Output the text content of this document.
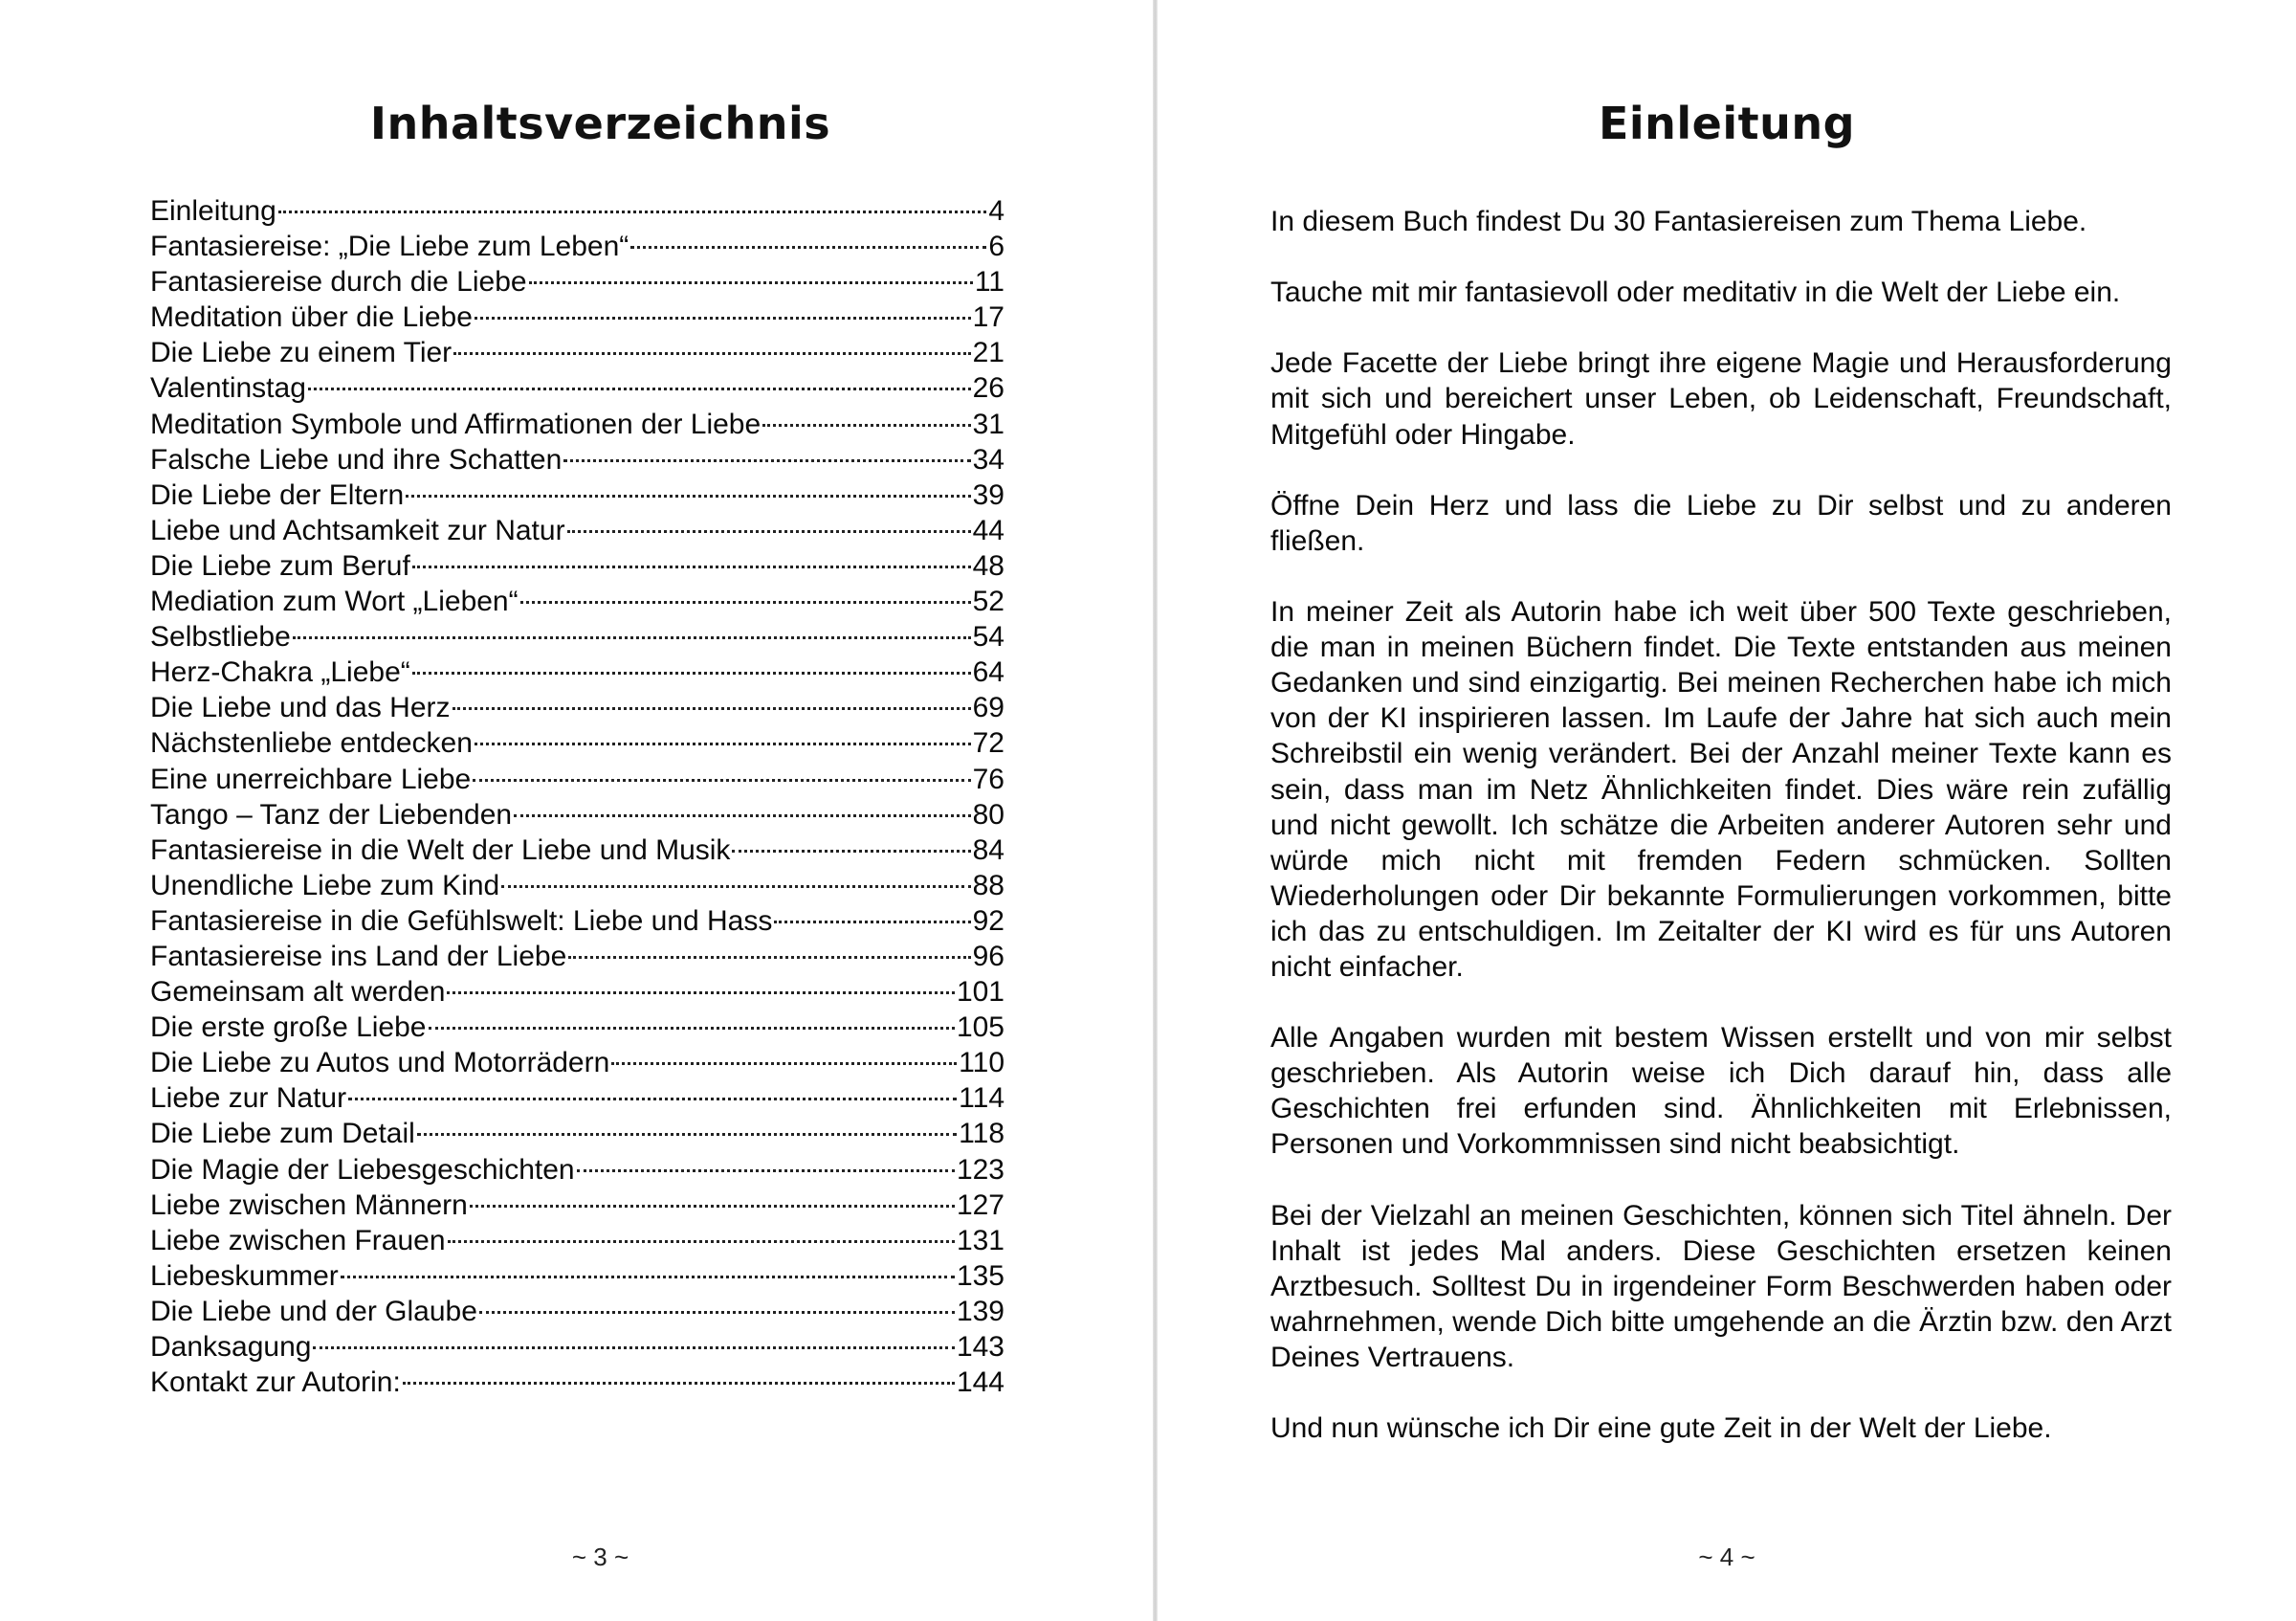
Inhaltsverzeichnis
Einleitung	4
Fantasiereise: „Die Liebe zum Leben“	6
Fantasiereise durch die Liebe	11
Meditation über die Liebe	17
Die Liebe zu einem Tier	21
Valentinstag	26
Meditation Symbole und Affirmationen der Liebe	31
Falsche Liebe und ihre Schatten	34
Die Liebe der Eltern	39
Liebe und Achtsamkeit zur Natur	44
Die Liebe zum Beruf	48
Mediation zum Wort „Lieben“	52
Selbstliebe	54
Herz-Chakra „Liebe“	64
Die Liebe und das Herz	69
Nächstenliebe entdecken	72
Eine unerreichbare Liebe	76
Tango – Tanz der Liebenden	80
Fantasiereise in die Welt der Liebe und Musik	84
Unendliche Liebe zum Kind	88
Fantasiereise in die Gefühlswelt: Liebe und Hass	92
Fantasiereise ins Land der Liebe	96
Gemeinsam alt werden	101
Die erste große Liebe	105
Die Liebe zu Autos und Motorrädern	110
Liebe zur Natur	114
Die Liebe zum Detail	118
Die Magie der Liebesgeschichten	123
Liebe zwischen Männern	127
Liebe zwischen Frauen	131
Liebeskummer	135
Die Liebe und der Glaube	139
Danksagung	143
Kontakt zur Autorin:	144

~ 3 ~

Einleitung

In diesem Buch findest Du 30 Fantasiereisen zum Thema Liebe.

Tauche mit mir fantasievoll oder meditativ in die Welt der Liebe ein.

Jede Facette der Liebe bringt ihre eigene Magie und Herausforderung mit sich und bereichert unser Leben, ob Leidenschaft, Freundschaft, Mitgefühl oder Hingabe.

Öffne Dein Herz und lass die Liebe zu Dir selbst und zu anderen fließen.

In meiner Zeit als Autorin habe ich weit über 500 Texte geschrieben, die man in meinen Büchern findet. Die Texte entstanden aus meinen Gedanken und sind einzigartig. Bei meinen Recherchen habe ich mich von der KI inspirieren lassen. Im Laufe der Jahre hat sich auch mein Schreibstil ein wenig verändert. Bei der Anzahl meiner Texte kann es sein, dass man im Netz Ähnlichkeiten findet. Dies wäre rein zufällig und nicht gewollt. Ich schätze die Arbeiten anderer Autoren sehr und würde mich nicht mit fremden Federn schmücken. Sollten Wiederholungen oder Dir bekannte Formulierungen vorkommen, bitte ich das zu entschuldigen. Im Zeitalter der KI wird es für uns Autoren nicht einfacher.

Alle Angaben wurden mit bestem Wissen erstellt und von mir selbst geschrieben. Als Autorin weise ich Dich darauf hin, dass alle Geschichten frei erfunden sind. Ähnlichkeiten mit Erlebnissen, Personen und Vorkommnissen sind nicht beabsichtigt.

Bei der Vielzahl an meinen Geschichten, können sich Titel ähneln. Der Inhalt ist jedes Mal anders. Diese Geschichten ersetzen keinen Arztbesuch. Solltest Du in irgendeiner Form Beschwerden haben oder wahrnehmen, wende Dich bitte umgehende an die Ärztin bzw. den Arzt Deines Vertrauens.

Und nun wünsche ich Dir eine gute Zeit in der Welt der Liebe.

~ 4 ~
